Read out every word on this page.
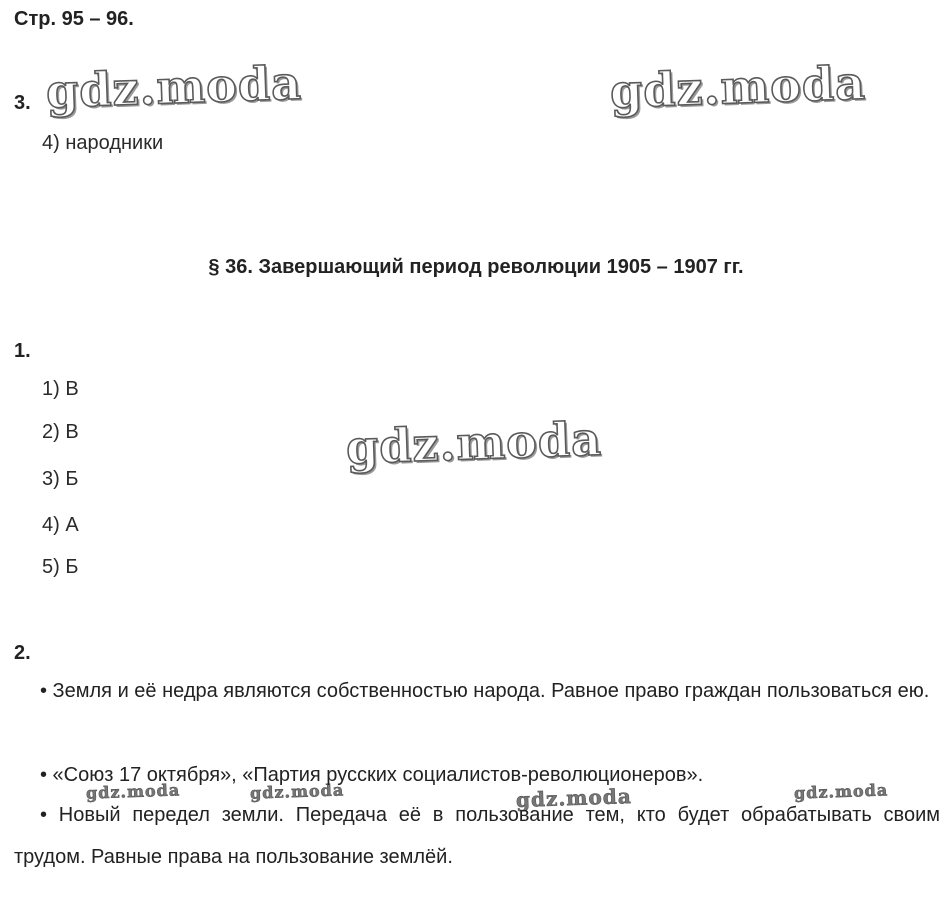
Стр. 95 – 96.
gdz.moda	gdz.moda
gdz.moda
gdz.moda	gdz.moda	gdz.moda	gdz.moda
3.
4) народники
§ 36. Завершающий период революции 1905 – 1907 гг.
1.
1) В
2) В
3) Б
4) А
5) Б
2.
• Земля и её недра являются собственностью народа. Равное право граждан пользоваться ею.
• «Союз 17 октября», «Партия русских социалистов-революционеров».
• Новый передел земли. Передача её в пользование тем, кто будет обрабатывать своим трудом. Равные права на пользование землёй.
